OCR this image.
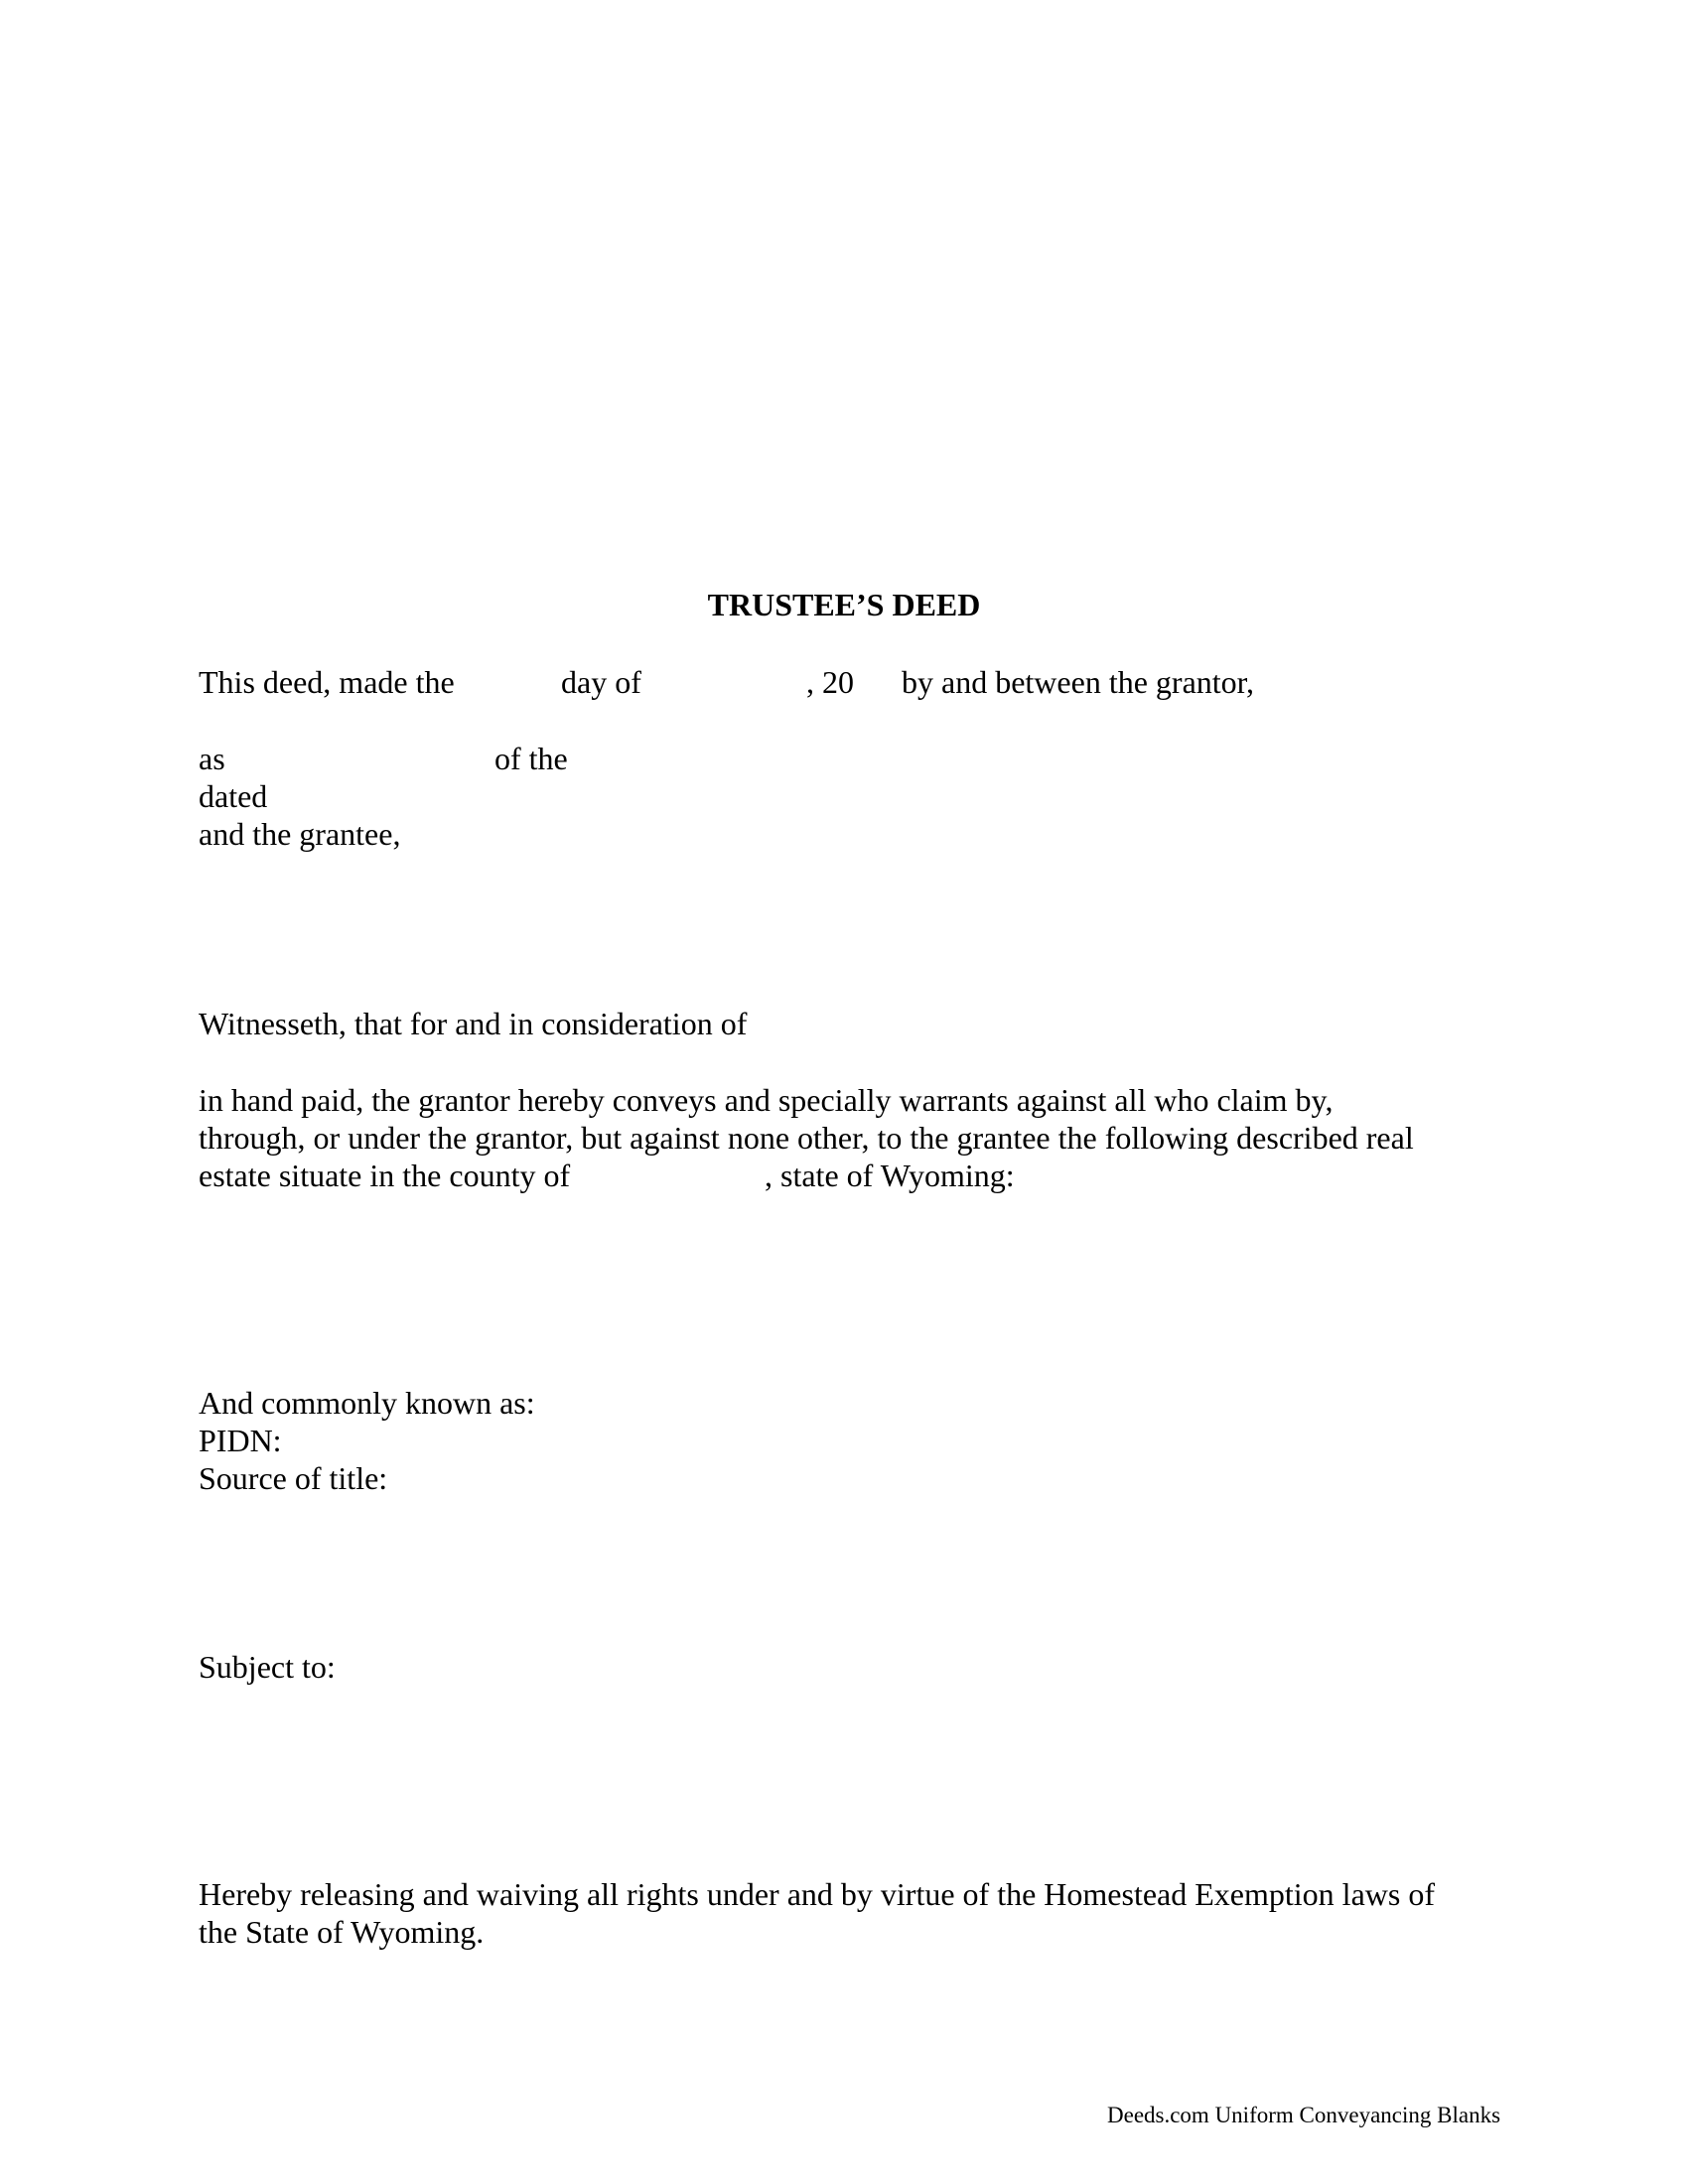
TRUSTEE’S DEED
This deed, made the	day of	, 20 by and between the grantor,
as	of the
dated
and the grantee,
Witnesseth, that for and in consideration of
in hand paid, the grantor hereby conveys and specially warrants against all who claim by,
through, or under the grantor, but against none other, to the grantee the following described real
estate situate in the county of	, state of Wyoming:
And commonly known as:
PIDN:
Source of title:
Subject to:
Hereby releasing and waiving all rights under and by virtue of the Homestead Exemption laws of
the State of Wyoming.
Deeds.com Uniform Conveyancing Blanks
